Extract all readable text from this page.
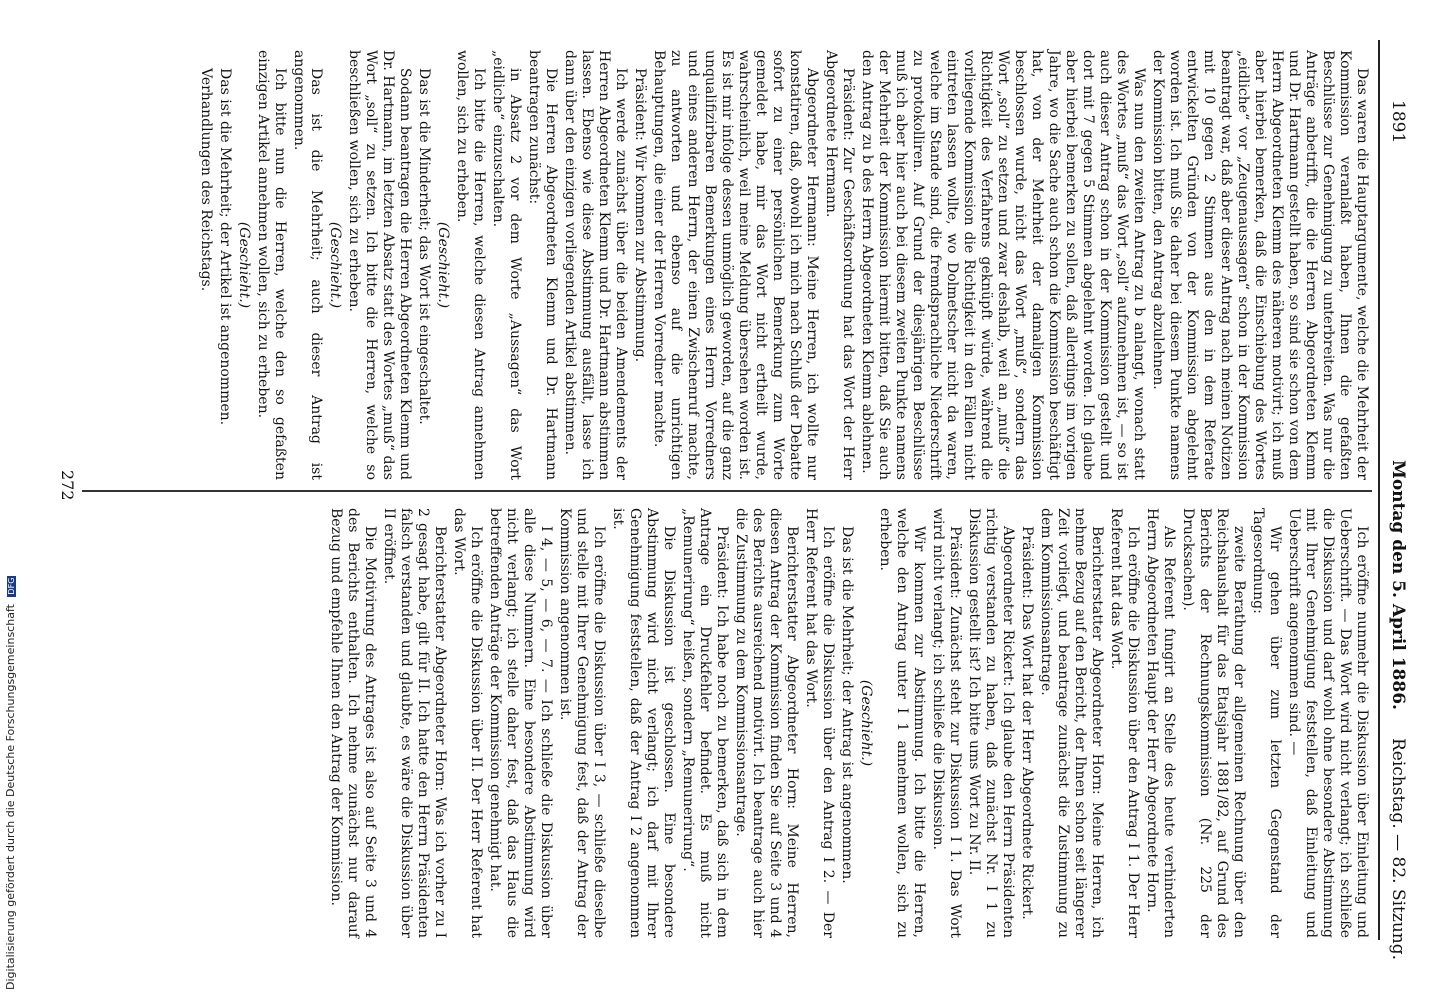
1891
Montag den 5. April 1886.
Reichstag. — 82. Sitzung.

Das waren die Hauptargumente, welche die Mehrheit der Kommission veranlaßt haben, Ihnen die gefaßten Beschlüsse zur Genehmigung zu unterbreiten. Was nur die Anträge anbetrifft, die die Herren Abgeordneten Klemm und Dr. Hartmann gestellt haben, so sind sie schon von dem Herrn Abgeordneten Klemm des näheren motivirt; ich muß aber hierbei bemerken, daß die Einschiebung des Wortes „eidliche“ vor „Zeugenaussagen“ schon in der Kommission beantragt war, daß aber dieser Antrag nach meinen Notizen mit 10 gegen 2 Stimmen aus den in dem Referate entwickelten Gründen von der Kommission abgelehnt worden ist. Ich muß Sie daher bei diesem Punkte namens der Kommission bitten, den Antrag abzulehnen.

Was nun den zweiten Antrag zu b anlangt, wonach statt des Wortes „muß“ das Wort „soll“ aufzunehmen ist, — so ist auch dieser Antrag schon in der Kommission gestellt und dort mit 7 gegen 5 Stimmen abgelehnt worden. Ich glaube aber hierbei bemerken zu sollen, daß allerdings im vorigen Jahre, wo die Sache auch schon die Kommission beschäftigt hat, von der Mehrheit der damaligen Kommission beschlossen wurde, nicht das Wort „muß“, sondern das Wort „soll“ zu setzen und zwar deshalb, weil an „muß“ die Richtigkeit des Verfahrens geknüpft würde, während die vorliegende Kommission die Richtigkeit in den Fällen nicht eintreten lassen wollte, wo Dolmetscher nicht da waren, welche im Stande sind, die fremdsprachliche Niederschrift zu protokolliren. Auf Grund der diesjährigen Beschlüsse muß ich aber hier auch bei diesem zweiten Punkte namens der Mehrheit der Kommission hiermit bitten, daß Sie auch den Antrag zu b des Herrn Abgeordneten Klemm ablehnen.

Präsident: Zur Geschäftsordnung hat das Wort der Herr Abgeordnete Hermann.

Abgeordneter Hermann: Meine Herren, ich wollte nur konstatiren, daß, obwohl ich mich nach Schluß der Debatte sofort zu einer persönlichen Bemerkung zum Worte gemeldet habe, mir das Wort nicht ertheilt wurde, wahrscheinlich, weil meine Meldung übersehen worden ist. Es ist mir infolge dessen unmöglich geworden, auf die ganz unqualifizirbaren Bemerkungen eines Herrn Vorredners und eines anderen Herrn, der einen Zwischenruf machte, zu antworten und ebenso auf die unrichtigen Behauptungen, die einer der Herren Vorredner machte.

Präsident: Wir kommen zur Abstimmung.

Ich werde zunächst über die beiden Amendements der Herren Abgeordneten Klemm und Dr. Hartmann abstimmen lassen. Ebenso wie diese Abstimmung ausfällt, lasse ich dann über den einzigen vorliegenden Artikel abstimmen.

Die Herren Abgeordneten Klemm und Dr. Hartmann beantragen zunächst:

in Absatz 2 vor dem Worte „Aussagen“ das Wort „eidliche“ einzuschalten.

Ich bitte die Herren, welche diesen Antrag annehmen wollen, sich zu erheben.

(Geschieht.)

Das ist die Minderheit; das Wort ist eingeschaltet.

Sodann beantragen die Herren Abgeordneten Klemm und Dr. Hartmann, im letzten Absatz statt des Wortes „muß“ das Wort „soll“ zu setzen. Ich bitte die Herren, welche so beschließen wollen, sich zu erheben.

(Geschieht.)

Das ist die Mehrheit; auch dieser Antrag ist angenommen.

Ich bitte nun die Herren, welche den so gefaßten einzigen Artikel annehmen wollen, sich zu erheben.

(Geschieht.)

Das ist die Mehrheit; der Artikel ist angenommen.

Verhandlungen des Reichstags.

Ich eröffne nunmehr die Diskussion über Einleitung und Ueberschrift. — Das Wort wird nicht verlangt; ich schließe die Diskussion und darf wohl ohne besondere Abstimmung mit Ihrer Genehmigung feststellen, daß Einleitung und Ueberschrift angenommen sind. —

Wir gehen über zum letzten Gegenstand der Tagesordnung:

zweite Berathung der allgemeinen Rechnung über den Reichshaushalt für das Etatsjahr 1881/82, auf Grund des Berichts der Rechnungskommission (Nr. 225 der Drucksachen).

Als Referent fungirt an Stelle des heute verhinderten Herrn Abgeordneten Haupt der Herr Abgeordnete Horn.

Ich eröffne die Diskussion über den Antrag I 1. Der Herr Referent hat das Wort.

Berichterstatter Abgeordneter Horn: Meine Herren, ich nehme Bezug auf den Bericht, der Ihnen schon seit längerer Zeit vorliegt, und beantrage zunächst die Zustimmung zu dem Kommissionsantrage.

Präsident: Das Wort hat der Herr Abgeordnete Rickert.

Abgeordneter Rickert: Ich glaube den Herrn Präsidenten richtig verstanden zu haben, daß zunächst Nr. I 1 zu Diskussion gestellt ist? Ich bitte ums Wort zu Nr. II.

Präsident: Zunächst steht zur Diskussion I 1. Das Wort wird nicht verlangt; ich schließe die Diskussion.

Wir kommen zur Abstimmung. Ich bitte die Herren, welche den Antrag unter I 1 annehmen wollen, sich zu erheben.

(Geschieht.)

Das ist die Mehrheit; der Antrag ist angenommen.

Ich eröffne die Diskussion über den Antrag I 2. — Der Herr Referent hat das Wort.

Berichterstatter Abgeordneter Horn: Meine Herren, diesen Antrag der Kommission finden Sie auf Seite 3 und 4 des Berichts ausreichend motivirt. Ich beantrage auch hier die Zustimmung zu dem Kommissionsantrage.

Präsident: Ich habe noch zu bemerken, daß sich in dem Antrage ein Druckfehler befindet. Es muß nicht „Remunerirung“ heißen, sondern „Remunerirung“.

Die Diskussion ist geschlossen. Eine besondere Abstimmung wird nicht verlangt; ich darf mit Ihrer Genehmigung feststellen, daß der Antrag I 2 angenommen ist.

Ich eröffne die Diskussion über I 3, — schließe dieselbe und stelle mit Ihrer Genehmigung fest, daß der Antrag der Kommission angenommen ist.

I 4, — 5, — 6, — 7. — Ich schließe die Diskussion über alle diese Nummern. Eine besondere Abstimmung wird nicht verlangt; ich stelle daher fest, daß das Haus die betreffenden Anträge der Kommission genehmigt hat.

Ich eröffne die Diskussion über II. Der Herr Referent hat das Wort.

Berichterstatter Abgeordneter Horn: Was ich vorher zu I 2 gesagt habe, gilt für II. Ich hatte den Herrn Präsidenten falsch verstanden und glaubte, es wäre die Diskussion über II eröffnet.

Die Motivirung des Antrages ist also auf Seite 3 und 4 des Berichts enthalten. Ich nehme zunächst nur darauf Bezug und empfehle Ihnen den Antrag der Kommission.

272
Digitalisierung gefördert durch die Deutsche Forschungsgemeinschaft DFG
